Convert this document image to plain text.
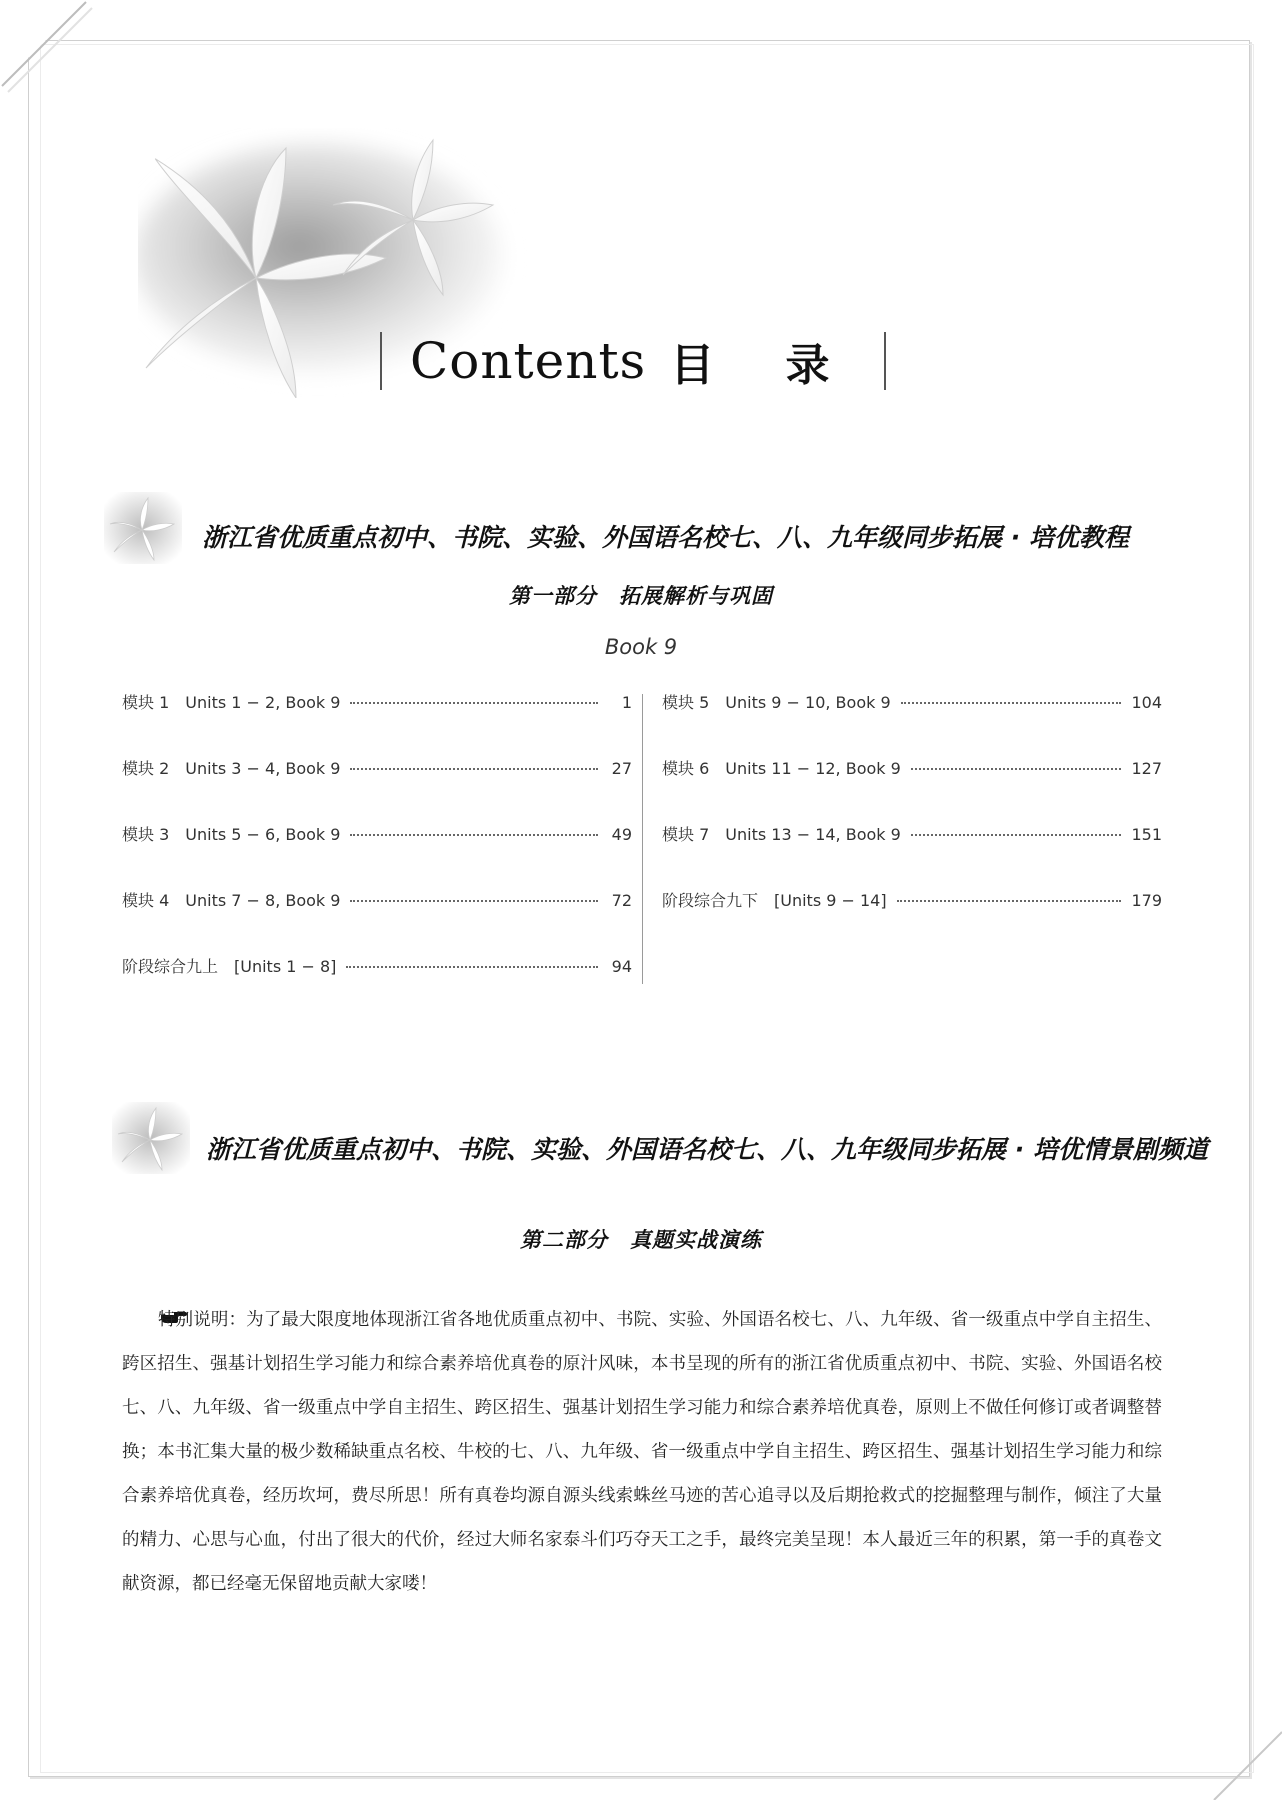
Contents 目 录
浙江省优质重点初中、书院、实验、外国语名校七、八、九年级同步拓展 · 培优教程
第一部分　拓展解析与巩固
Book 9
模块 1　Units 1 − 2, Book 9	1
模块 2　Units 3 − 4, Book 9	27
模块 3　Units 5 − 6, Book 9	49
模块 4　Units 7 − 8, Book 9	72
阶段综合九上　[Units 1 − 8]	94
模块 5　Units 9 − 10, Book 9	104
模块 6　Units 11 − 12, Book 9	127
模块 7　Units 13 − 14, Book 9	151
阶段综合九下　[Units 9 − 14]	179
浙江省优质重点初中、书院、实验、外国语名校七、八、九年级同步拓展 · 培优情景剧频道
第二部分　真题实战演练
特别说明：为了最大限度地体现浙江省各地优质重点初中、书院、实验、外国语名校七、八、九年级、省一级重点中学自主招生、跨区招生、强基计划招生学习能力和综合素养培优真卷的原汁风味，本书呈现的所有的浙江省优质重点初中、书院、实验、外国语名校七、八、九年级、省一级重点中学自主招生、跨区招生、强基计划招生学习能力和综合素养培优真卷，原则上不做任何修订或者调整替换；本书汇集大量的极少数稀缺重点名校、牛校的七、八、九年级、省一级重点中学自主招生、跨区招生、强基计划招生学习能力和综合素养培优真卷，经历坎坷，费尽所思！所有真卷均源自源头线索蛛丝马迹的苦心追寻以及后期抢救式的挖掘整理与制作，倾注了大量的精力、心思与心血，付出了很大的代价，经过大师名家泰斗们巧夺天工之手，最终完美呈现！本人最近三年的积累，第一手的真卷文献资源，都已经毫无保留地贡献大家喽！
